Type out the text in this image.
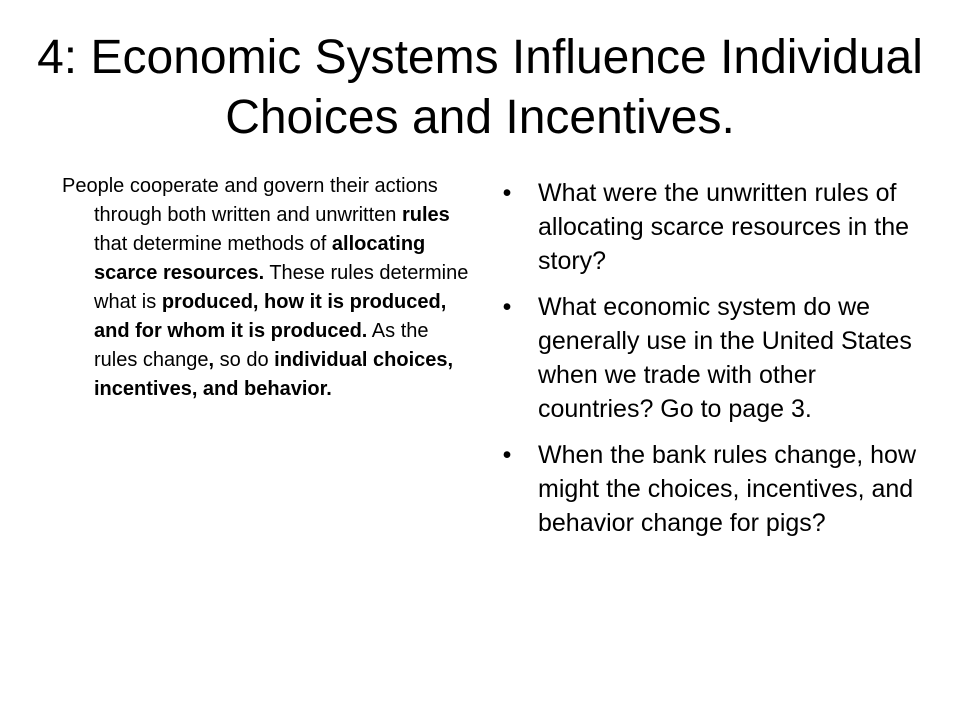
4: Economic Systems Influence Individual Choices and Incentives.

People cooperate and govern their actions through both written and unwritten rules that determine methods of allocating scarce resources. These rules determine what is produced, how it is produced, and for whom it is produced. As the rules change, so do individual choices, incentives, and behavior.

• What were the unwritten rules of allocating scarce resources in the story?
• What economic system do we generally use in the United States when we trade with other countries? Go to page 3.
• When the bank rules change, how might the choices, incentives, and behavior change for pigs?
